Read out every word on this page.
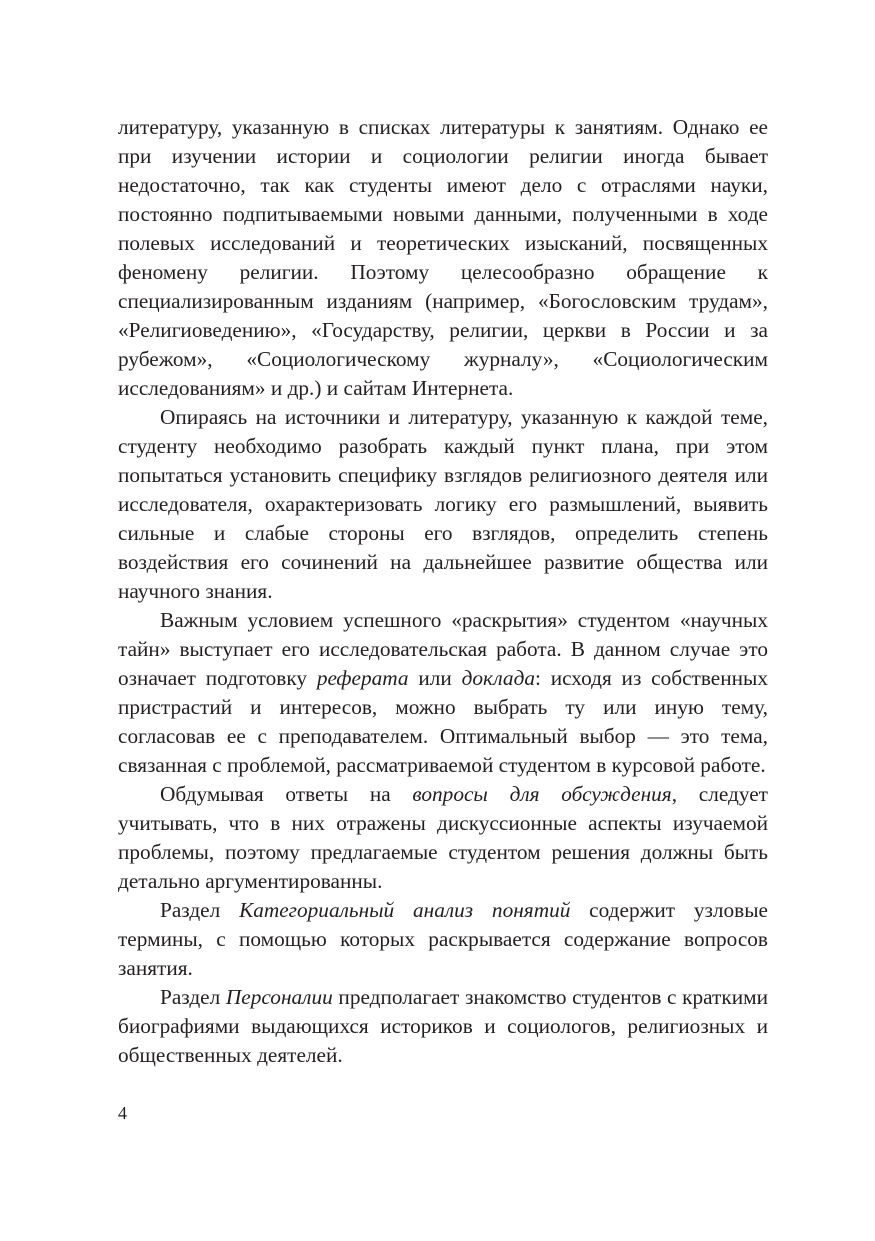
литературу, указанную в списках литературы к занятиям. Однако ее при изучении истории и социологии религии иногда бывает недостаточно, так как студенты имеют дело с отраслями науки, постоянно подпитываемыми новыми данными, полученными в ходе полевых исследований и теоретических изысканий, посвященных феномену религии. Поэтому целесообразно обращение к специализированным изданиям (например, «Богословским трудам», «Религиоведению», «Государству, религии, церкви в России и за рубежом», «Социологическому журналу», «Социологическим исследованиям» и др.) и сайтам Интернета.

Опираясь на источники и литературу, указанную к каждой теме, студенту необходимо разобрать каждый пункт плана, при этом попытаться установить специфику взглядов религиозного деятеля или исследователя, охарактеризовать логику его размышлений, выявить сильные и слабые стороны его взглядов, определить степень воздействия его сочинений на дальнейшее развитие общества или научного знания.

Важным условием успешного «раскрытия» студентом «научных тайн» выступает его исследовательская работа. В данном случае это означает подготовку реферата или доклада: исходя из собственных пристрастий и интересов, можно выбрать ту или иную тему, согласовав ее с преподавателем. Оптимальный выбор — это тема, связанная с проблемой, рассматриваемой студентом в курсовой работе.

Обдумывая ответы на вопросы для обсуждения, следует учитывать, что в них отражены дискуссионные аспекты изучаемой проблемы, поэтому предлагаемые студентом решения должны быть детально аргументированны.

Раздел Категориальный анализ понятий содержит узловые термины, с помощью которых раскрывается содержание вопросов занятия.

Раздел Персоналии предполагает знакомство студентов с краткими биографиями выдающихся историков и социологов, религиозных и общественных деятелей.

4
